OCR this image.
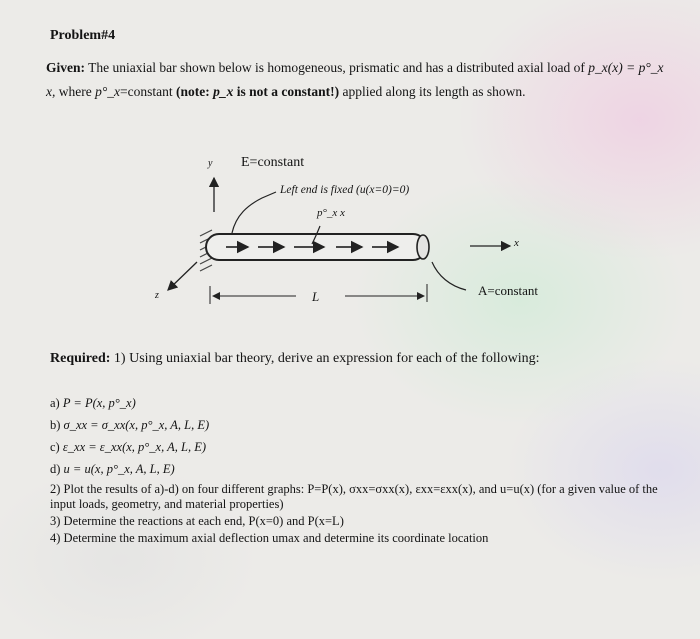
Problem#4
Given: The uniaxial bar shown below is homogeneous, prismatic and has a distributed axial load of p_x(x) = p°_x x, where p°_x=constant (note: p_x is not a constant!) applied along its length as shown.
y
z
x
E=constant
Left end is fixed (u(x=0)=0)
p°_x x
L	A=constant
Required: 1) Using uniaxial bar theory, derive an expression for each of the following:
a) P = P(x, p°_x)
b) σ_xx = σ_xx(x, p°_x, A, L, E)
c) ε_xx = ε_xx(x, p°_x, A, L, E)
d) u = u(x, p°_x, A, L, E)
2) Plot the results of a)-d) on four different graphs: P=P(x), σxx=σxx(x), εxx=εxx(x), and u=u(x) (for a given value of the input loads, geometry, and material properties)
3) Determine the reactions at each end, P(x=0) and P(x=L)
4) Determine the maximum axial deflection umax and determine its coordinate location
